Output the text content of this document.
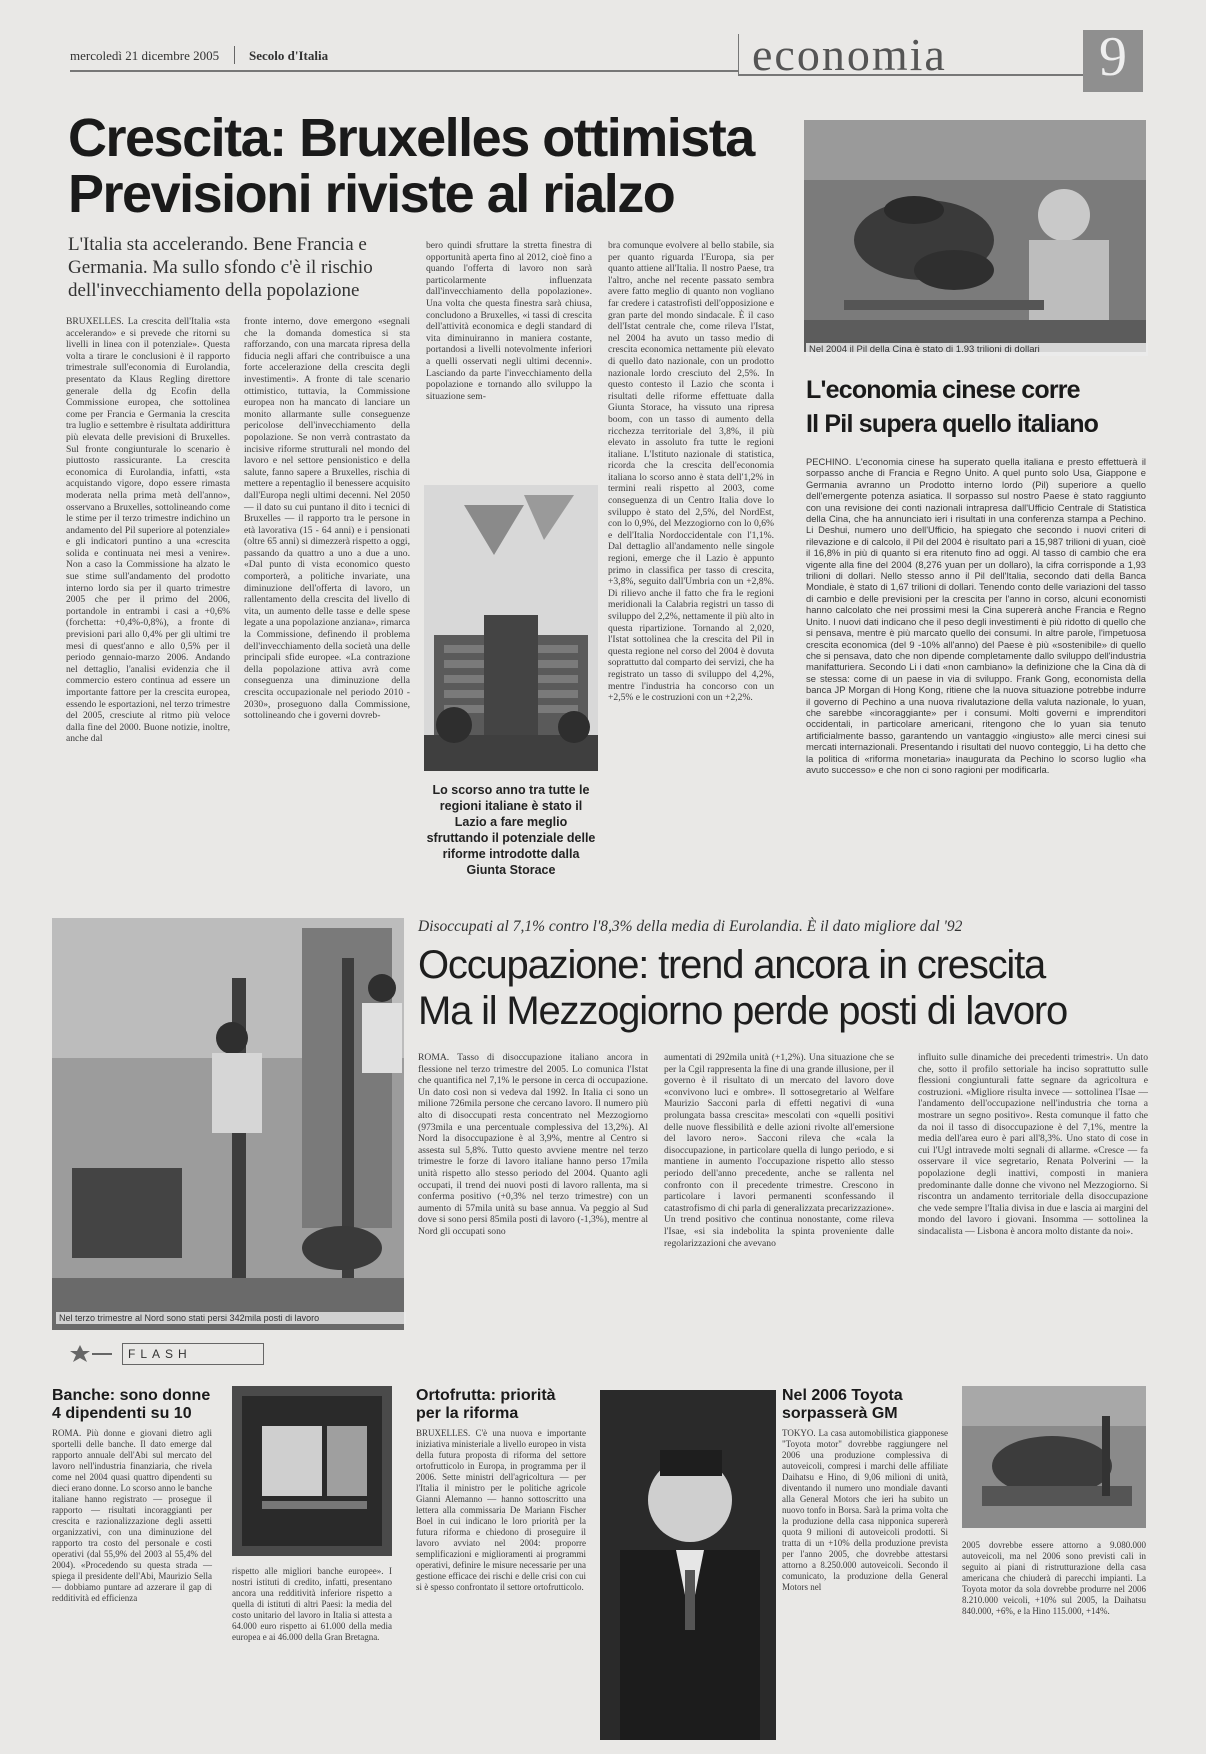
mercoledì 21 dicembre 2005 Secolo d'Italia	economia	9
Crescita: Bruxelles ottimista
Previsioni riviste al rialzo
L'Italia sta accelerando. Bene Francia e Germania. Ma sullo sfondo c'è il rischio dell'invecchiamento della popolazione
BRUXELLES. La crescita dell'Italia «sta accelerando» e si prevede che ritorni su livelli in linea con il potenziale». Questa volta a tirare le conclusioni è il rapporto trimestrale sull'economia di Eurolandia, presentato da Klaus Regling direttore generale della dg Ecofin della Commissione europea, che sottolinea come per Francia e Germania la crescita tra luglio e settembre è risultata addirittura più elevata delle previsioni di Bruxelles. Sul fronte congiunturale lo scenario è piuttosto rassicurante. La crescita economica di Eurolandia, infatti, «sta acquistando vigore, dopo essere rimasta moderata nella prima metà dell'anno», osservano a Bruxelles, sottolineando come le stime per il terzo trimestre indichino un andamento del Pil superiore al potenziale» e gli indicatori puntino a una «crescita solida e continuata nei mesi a venire». Non a caso la Commissione ha alzato le sue stime sull'andamento del prodotto interno lordo sia per il quarto trimestre 2005 che per il primo del 2006, portandole in entrambi i casi a +0,6% (forchetta: +0,4%-0,8%), a fronte di previsioni pari allo 0,4% per gli ultimi tre mesi di quest'anno e allo 0,5% per il periodo gennaio-marzo 2006. Andando nel dettaglio, l'analisi evidenzia che il commercio estero continua ad essere un importante fattore per la crescita europea, essendo le esportazioni, nel terzo trimestre del 2005, cresciute al ritmo più veloce dalla fine del 2000. Buone notizie, inoltre, anche dal
fronte interno, dove emergono «segnali che la domanda domestica si sta rafforzando, con una marcata ripresa della fiducia negli affari che contribuisce a una forte accelerazione della crescita degli investimenti». A fronte di tale scenario ottimistico, tuttavia, la Commissione europea non ha mancato di lanciare un monito allarmante sulle conseguenze pericolose dell'invecchiamento della popolazione. Se non verrà contrastato da incisive riforme strutturali nel mondo del lavoro e nel settore pensionistico e della salute, fanno sapere a Bruxelles, rischia di mettere a repentaglio il benessere acquisito dall'Europa negli ultimi decenni. Nel 2050 — il dato su cui puntano il dito i tecnici di Bruxelles — il rapporto tra le persone in età lavorativa (15 - 64 anni) e i pensionati (oltre 65 anni) si dimezzerà rispetto a oggi, passando da quattro a uno a due a uno. «Dal punto di vista economico questo comporterà, a politiche invariate, una diminuzione dell'offerta di lavoro, un rallentamento della crescita del livello di vita, un aumento delle tasse e delle spese legate a una popolazione anziana», rimarca la Commissione, definendo il problema dell'invecchiamento della società una delle principali sfide europee. «La contrazione della popolazione attiva avrà come conseguenza una diminuzione della crescita occupazionale nel periodo 2010 - 2030», proseguono dalla Commissione, sottolineando che i governi dovreb-
bero quindi sfruttare la stretta finestra di opportunità aperta fino al 2012, cioè fino a quando l'offerta di lavoro non sarà particolarmente influenzata dall'invecchiamento della popolazione». Una volta che questa finestra sarà chiusa, concludono a Bruxelles, «i tassi di crescita dell'attività economica e degli standard di vita diminuiranno in maniera costante, portandosi a livelli notevolmente inferiori a quelli osservati negli ultimi decenni». Lasciando da parte l'invecchiamento della popolazione e tornando allo sviluppo la situazione sem-
bra comunque evolvere al bello stabile, sia per quanto riguarda l'Europa, sia per quanto attiene all'Italia. Il nostro Paese, tra l'altro, anche nel recente passato sembra avere fatto meglio di quanto non vogliano far credere i catastrofisti dell'opposizione e gran parte del mondo sindacale. È il caso dell'Istat centrale che, come rileva l'Istat, nel 2004 ha avuto un tasso medio di crescita economica nettamente più elevato di quello dato nazionale, con un prodotto nazionale lordo cresciuto del 2,5%. In questo contesto il Lazio che sconta i risultati delle riforme effettuate dalla Giunta Storace, ha vissuto una ripresa boom, con un tasso di aumento della ricchezza territoriale del 3,8%, il più elevato in assoluto fra tutte le regioni italiane. L'Istituto nazionale di statistica, ricorda che la crescita dell'economia italiana lo scorso anno è stata dell'1,2% in termini reali rispetto al 2003, come conseguenza di un Centro Italia dove lo sviluppo è stato del 2,5%, del NordEst, con lo 0,9%, del Mezzogiorno con lo 0,6% e dell'Italia Nordoccidentale con l'1,1%. Dal dettaglio all'andamento nelle singole regioni, emerge che il Lazio è appunto primo in classifica per tasso di crescita, +3,8%, seguito dall'Umbria con un +2,8%. Di rilievo anche il fatto che fra le regioni meridionali la Calabria registri un tasso di sviluppo del 2,2%, nettamente il più alto in questa ripartizione. Tornando al 2,020, l'Istat sottolinea che la crescita del Pil in questa regione nel corso del 2004 è dovuta soprattutto dal comparto dei servizi, che ha registrato un tasso di sviluppo del 4,2%, mentre l'industria ha concorso con un +2,5% e le costruzioni con un +2,2%.
Lo scorso anno tra tutte le regioni italiane è stato il Lazio a fare meglio sfruttando il potenziale delle riforme introdotte dalla Giunta Storace
Nel 2004 il Pil della Cina è stato di 1.93 trilioni di dollari
L'economia cinese corre
Il Pil supera quello italiano
PECHINO. L'economia cinese ha superato quella italiana e presto effettuerà il sorpasso anche di Francia e Regno Unito. A quel punto solo Usa, Giappone e Germania avranno un Prodotto interno lordo (Pil) superiore a quello dell'emergente potenza asiatica. Il sorpasso sul nostro Paese è stato raggiunto con una revisione dei conti nazionali intrapresa dall'Ufficio Centrale di Statistica della Cina, che ha annunciato ieri i risultati in una conferenza stampa a Pechino. Li Deshui, numero uno dell'Ufficio, ha spiegato che secondo i nuovi criteri di rilevazione e di calcolo, il Pil del 2004 è risultato pari a 15,987 trilioni di yuan, cioè il 16,8% in più di quanto si era ritenuto fino ad oggi. Al tasso di cambio che era vigente alla fine del 2004 (8,276 yuan per un dollaro), la cifra corrisponde a 1,93 trilioni di dollari. Nello stesso anno il Pil dell'Italia, secondo dati della Banca Mondiale, è stato di 1,67 trilioni di dollari. Tenendo conto delle variazioni del tasso di cambio e delle previsioni per la crescita per l'anno in corso, alcuni economisti hanno calcolato che nei prossimi mesi la Cina supererà anche Francia e Regno Unito. I nuovi dati indicano che il peso degli investimenti è più ridotto di quello che si pensava, mentre è più marcato quello dei consumi. In altre parole, l'impetuosa crescita economica (del 9 -10% all'anno) del Paese è più «sostenibile» di quello che si pensava, dato che non dipende completamente dallo sviluppo dell'industria manifatturiera. Secondo Li i dati «non cambiano» la definizione che la Cina dà di se stessa: come di un paese in via di sviluppo. Frank Gong, economista della banca JP Morgan di Hong Kong, ritiene che la nuova situazione potrebbe indurre il governo di Pechino a una nuova rivalutazione della valuta nazionale, lo yuan, che sarebbe «incoraggiante» per i consumi. Molti governi e imprenditori occidentali, in particolare americani, ritengono che lo yuan sia tenuto artificialmente basso, garantendo un vantaggio «ingiusto» alle merci cinesi sui mercati internazionali. Presentando i risultati del nuovo conteggio, Li ha detto che la politica di «riforma monetaria» inaugurata da Pechino lo scorso luglio «ha avuto successo» e che non ci sono ragioni per modificarla.
Nel terzo trimestre al Nord sono stati persi 342mila posti di lavoro
Disoccupati al 7,1% contro l'8,3% della media di Eurolandia. È il dato migliore dal '92
Occupazione: trend ancora in crescita
Ma il Mezzogiorno perde posti di lavoro
ROMA. Tasso di disoccupazione italiano ancora in flessione nel terzo trimestre del 2005. Lo comunica l'Istat che quantifica nel 7,1% le persone in cerca di occupazione. Un dato così non si vedeva dal 1992. In Italia ci sono un milione 726mila persone che cercano lavoro. Il numero più alto di disoccupati resta concentrato nel Mezzogiorno (973mila e una percentuale complessiva del 13,2%). Al Nord la disoccupazione è al 3,9%, mentre al Centro si assesta sul 5,8%. Tutto questo avviene mentre nel terzo trimestre le forze di lavoro italiane hanno perso 17mila unità rispetto allo stesso periodo del 2004. Quanto agli occupati, il trend dei nuovi posti di lavoro rallenta, ma si conferma positivo (+0,3% nel terzo trimestre) con un aumento di 57mila unità su base annua. Va peggio al Sud dove si sono persi 85mila posti di lavoro (-1,3%), mentre al Nord gli occupati sono
aumentati di 292mila unità (+1,2%). Una situazione che se per la Cgil rappresenta la fine di una grande illusione, per il governo è il risultato di un mercato del lavoro dove «convivono luci e ombre». Il sottosegretario al Welfare Maurizio Sacconi parla di effetti negativi di «una prolungata bassa crescita» mescolati con «quelli positivi delle nuove flessibilità e delle azioni rivolte all'emersione del lavoro nero». Sacconi rileva che «cala la disoccupazione, in particolare quella di lungo periodo, e si mantiene in aumento l'occupazione rispetto allo stesso periodo dell'anno precedente, anche se rallenta nel confronto con il precedente trimestre. Crescono in particolare i lavori permanenti sconfessando il catastrofismo di chi parla di generalizzata precarizzazione». Un trend positivo che continua nonostante, come rileva l'Isae, «si sia indebolita la spinta proveniente dalle regolarizzazioni che avevano
influito sulle dinamiche dei precedenti trimestri». Un dato che, sotto il profilo settoriale ha inciso soprattutto sulle flessioni congiunturali fatte segnare da agricoltura e costruzioni. «Migliore risulta invece — sottolinea l'Isae — l'andamento dell'occupazione nell'industria che torna a mostrare un segno positivo». Resta comunque il fatto che da noi il tasso di disoccupazione è del 7,1%, mentre la media dell'area euro è pari all'8,3%. Uno stato di cose in cui l'Ugl intravede molti segnali di allarme. «Cresce — fa osservare il vice segretario, Renata Polverini — la popolazione degli inattivi, composti in maniera predominante dalle donne che vivono nel Mezzogiorno. Si riscontra un andamento territoriale della disoccupazione che vede sempre l'Italia divisa in due e lascia ai margini del mondo del lavoro i giovani. Insomma — sottolinea la sindacalista — Lisbona è ancora molto distante da noi».
FLASH
Banche: sono donne
4 dipendenti su 10
ROMA. Più donne e giovani dietro agli sportelli delle banche. Il dato emerge dal rapporto annuale dell'Abi sul mercato del lavoro nell'industria finanziaria, che rivela come nel 2004 quasi quattro dipendenti su dieci erano donne. Lo scorso anno le banche italiane hanno registrato — prosegue il rapporto — risultati incoraggianti per crescita e razionalizzazione degli assetti organizzativi, con una diminuzione del rapporto tra costo del personale e costi operativi (dal 55,9% del 2003 al 55,4% del 2004). «Procedendo su questa strada — spiega il presidente dell'Abi, Maurizio Sella — dobbiamo puntare ad azzerare il gap di redditività ed efficienza
rispetto alle migliori banche europee». I nostri istituti di credito, infatti, presentano ancora una redditività inferiore rispetto a quella di istituti di altri Paesi: la media del costo unitario del lavoro in Italia si attesta a 64.000 euro rispetto ai 61.000 della media europea e ai 46.000 della Gran Bretagna.
Ortofrutta: priorità
per la riforma
BRUXELLES. C'è una nuova e importante iniziativa ministeriale a livello europeo in vista della futura proposta di riforma del settore ortofrutticolo in Europa, in programma per il 2006. Sette ministri dell'agricoltura — per l'Italia il ministro per le politiche agricole Gianni Alemanno — hanno sottoscritto una lettera alla commissaria De Mariann Fischer Boel in cui indicano le loro priorità per la futura riforma e chiedono di proseguire il lavoro avviato nel 2004: proporre semplificazioni e miglioramenti ai programmi operativi, definire le misure necessarie per una gestione efficace dei rischi e delle crisi con cui si è spesso confrontato il settore ortofrutticolo.
Nel 2006 Toyota
sorpasserà GM
TOKYO. La casa automobilistica giapponese "Toyota motor" dovrebbe raggiungere nel 2006 una produzione complessiva di autoveicoli, compresi i marchi delle affiliate Daihatsu e Hino, di 9,06 milioni di unità, diventando il numero uno mondiale davanti alla General Motors che ieri ha subito un nuovo tonfo in Borsa. Sarà la prima volta che la produzione della casa nipponica supererà quota 9 milioni di autoveicoli prodotti. Si tratta di un +10% della produzione prevista per l'anno 2005, che dovrebbe attestarsi attorno a 8.250.000 autoveicoli. Secondo il comunicato, la produzione della General Motors nel
2005 dovrebbe essere attorno a 9.080.000 autoveicoli, ma nel 2006 sono previsti cali in seguito ai piani di ristrutturazione della casa americana che chiuderà di parecchi impianti. La Toyota motor da sola dovrebbe produrre nel 2006 8.210.000 veicoli, +10% sul 2005, la Daihatsu 840.000, +6%, e la Hino 115.000, +14%.
